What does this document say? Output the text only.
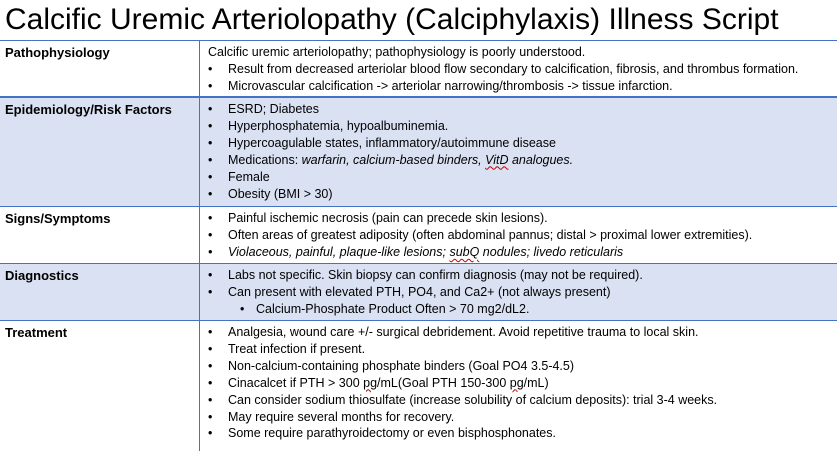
Calcific Uremic Arteriolopathy (Calciphylaxis) Illness Script
Pathophysiology	Calcific uremic arteriolopathy; pathophysiology is poorly understood.
• Result from decreased arteriolar blood flow secondary to calcification, fibrosis, and thrombus formation.
• Microvascular calcification -> arteriolar narrowing/thrombosis -> tissue infarction.
Epidemiology/Risk Factors	• ESRD; Diabetes
• Hyperphosphatemia, hypoalbuminemia.
• Hypercoagulable states, inflammatory/autoimmune disease
• Medications: warfarin, calcium-based binders, VitD analogues.
• Female
• Obesity (BMI > 30)
Signs/Symptoms	• Painful ischemic necrosis (pain can precede skin lesions).
• Often areas of greatest adiposity (often abdominal pannus; distal > proximal lower extremities).
• Violaceous, painful, plaque-like lesions; subQ nodules; livedo reticularis
Diagnostics	• Labs not specific. Skin biopsy can confirm diagnosis (may not be required).
• Can present with elevated PTH, PO4, and Ca2+ (not always present)
• Calcium-Phosphate Product Often > 70 mg2/dL2.
Treatment	• Analgesia, wound care +/- surgical debridement. Avoid repetitive trauma to local skin.
• Treat infection if present.
• Non-calcium-containing phosphate binders (Goal PO4 3.5-4.5)
• Cinacalcet if PTH > 300 pg/mL(Goal PTH 150-300 pg/mL)
• Can consider sodium thiosulfate (increase solubility of calcium deposits): trial 3-4 weeks.
• May require several months for recovery.
• Some require parathyroidectomy or even bisphosphonates.
